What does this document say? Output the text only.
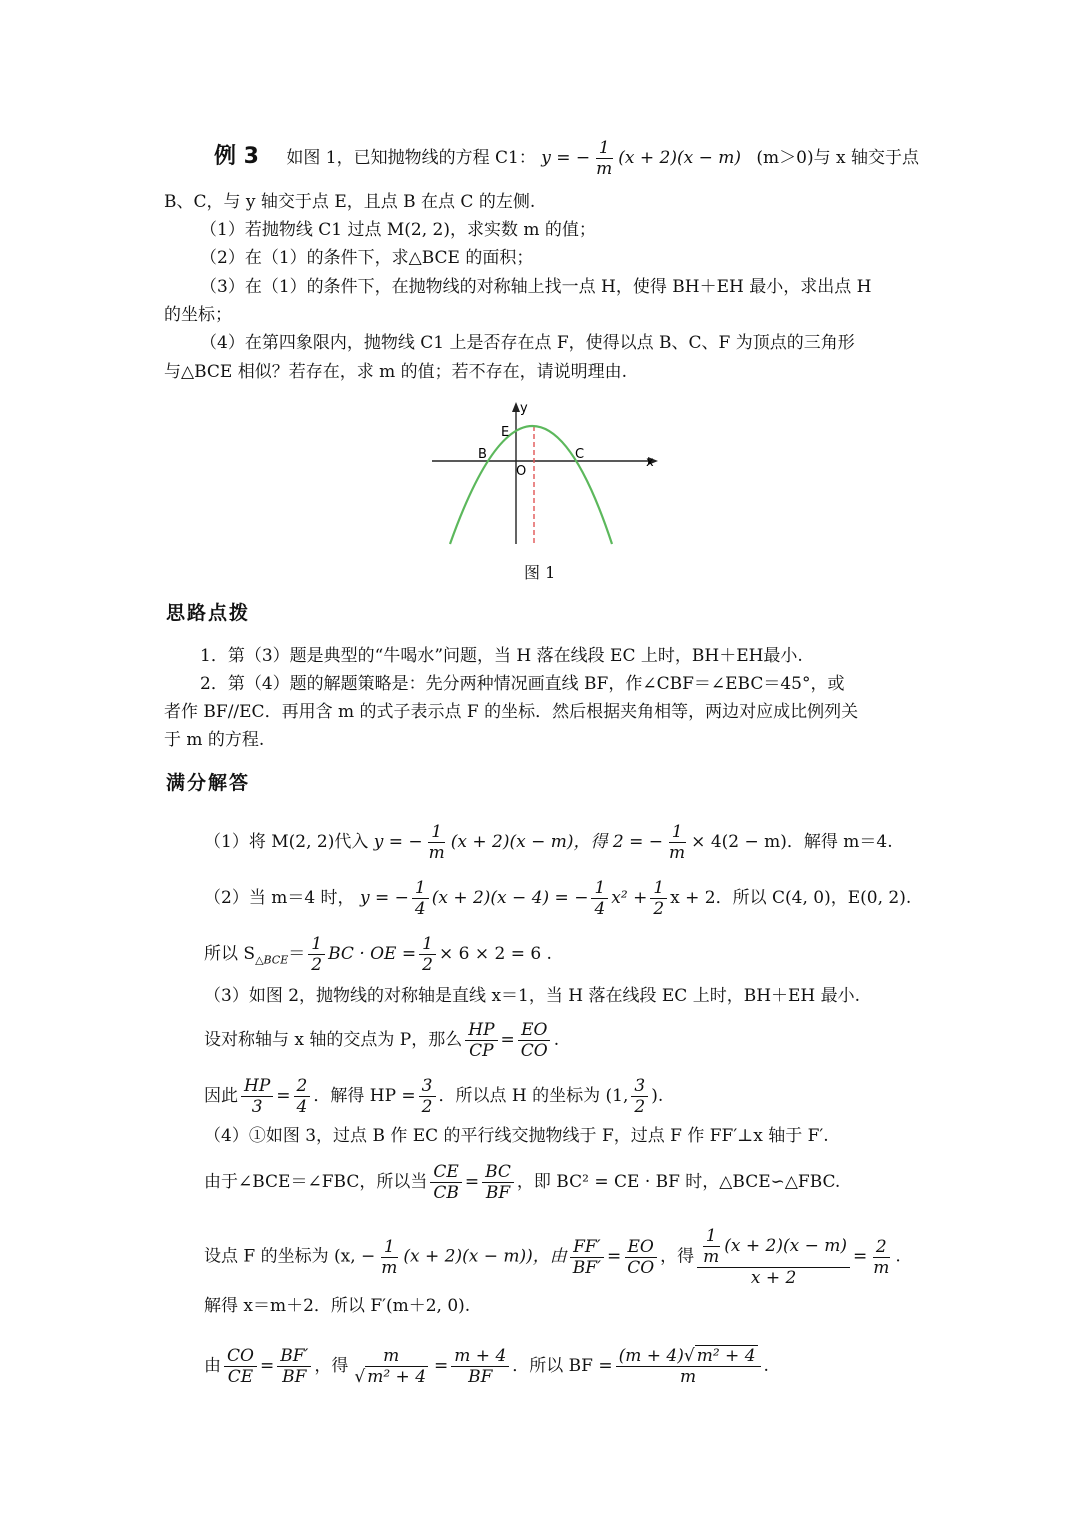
例 3 如图 1，已知抛物线的方程 C1： y = − $\frac{1}{m} (x + 2)(x - m)$ (m＞0)与 x 轴交于点
B、C，与 y 轴交于点 E，且点 B 在点 C 的左侧.
（1）若抛物线 C1 过点 M(2, 2)，求实数 m 的值；
（2）在（1）的条件下，求△BCE 的面积；
（3）在（1）的条件下，在抛物线的对称轴上找一点 H，使得 BH＋EH 最小，求出点 H
的坐标；
（4）在第四象限内，抛物线 C1 上是否存在点 F，使得以点 B、C、F 为顶点的三角形
与△BCE 相似？若存在，求 m 的值；若不存在，请说明理由.
y
x
E
B	C
O
图 1
思路点拨
1．第（3）题是典型的“牛喝水”问题，当 H 落在线段 EC 上时，BH＋EH最小.
2．第（4）题的解题策略是：先分两种情况画直线 BF，作∠CBF＝∠EBC＝45°，或
者作 BF//EC．再用含 m 的式子表示点 F 的坐标．然后根据夹角相等，两边对应成比例列关
于 m 的方程.
满分解答
（1）将 M(2, 2)代入 y = − $\frac{1}{m} (x + 2)(x - m)$，得 2 = − $\frac{1}{m} \times 4(2 - m)$．解得 m＝4.
（2）当 m＝4 时， y = − $\frac{1}{4} (x + 2)(x - 4)$ = − $\frac{1}{4} x^2 + \frac{1}{2}$ x + 2．所以 C(4, 0)，E(0, 2).
所以 $S_{\triangle BCE}= \frac{1}{2}$ BC · OE = $\frac{1}{2} \times 6 \times 2 = 6$ .
（3）如图 2，抛物线的对称轴是直线 x＝1，当 H 落在线段 EC 上时，BH＋EH 最小.
设对称轴与 x 轴的交点为 P，那么 $\frac{HP}{CP} = \frac{EO}{CO}$ .
因此 $\frac{HP}{3} = \frac{2}{4}$ ．解得 HP = $\frac{3}{2}$ ．所以点 H 的坐标为 (1, $\frac{3}{2}$ ).
（4）①如图 3，过点 B 作 EC 的平行线交抛物线于 F，过点 F 作 FF′⊥x 轴于 F′.
由于∠BCE＝∠FBC，所以当 $\frac{CE}{CB} = \frac{BC}{BF}$ ，即 BC² = CE · BF 时，△BCE∽△FBC.
设点 F 的坐标为 (x, − $\frac{1}{m} (x + 2)(x - m)$)，由 $\frac{FF'}{BF'} = \frac{EO}{CO}$ ，得 $\frac{\frac{1}{m} (x + 2)(x - m)}{x + 2} = \frac{2}{m}$ .
解得 x＝m＋2．所以 F′(m＋2, 0).
由 $\frac{CO}{CE} = \frac{BF'}{BF}$ ，得 $\frac{m}{\text{√ m² + 4}} = \frac{m + 4}{BF}$ ．所以 BF = $\frac{\text{(m + 4)√ m² + 4}}{m}$ .
